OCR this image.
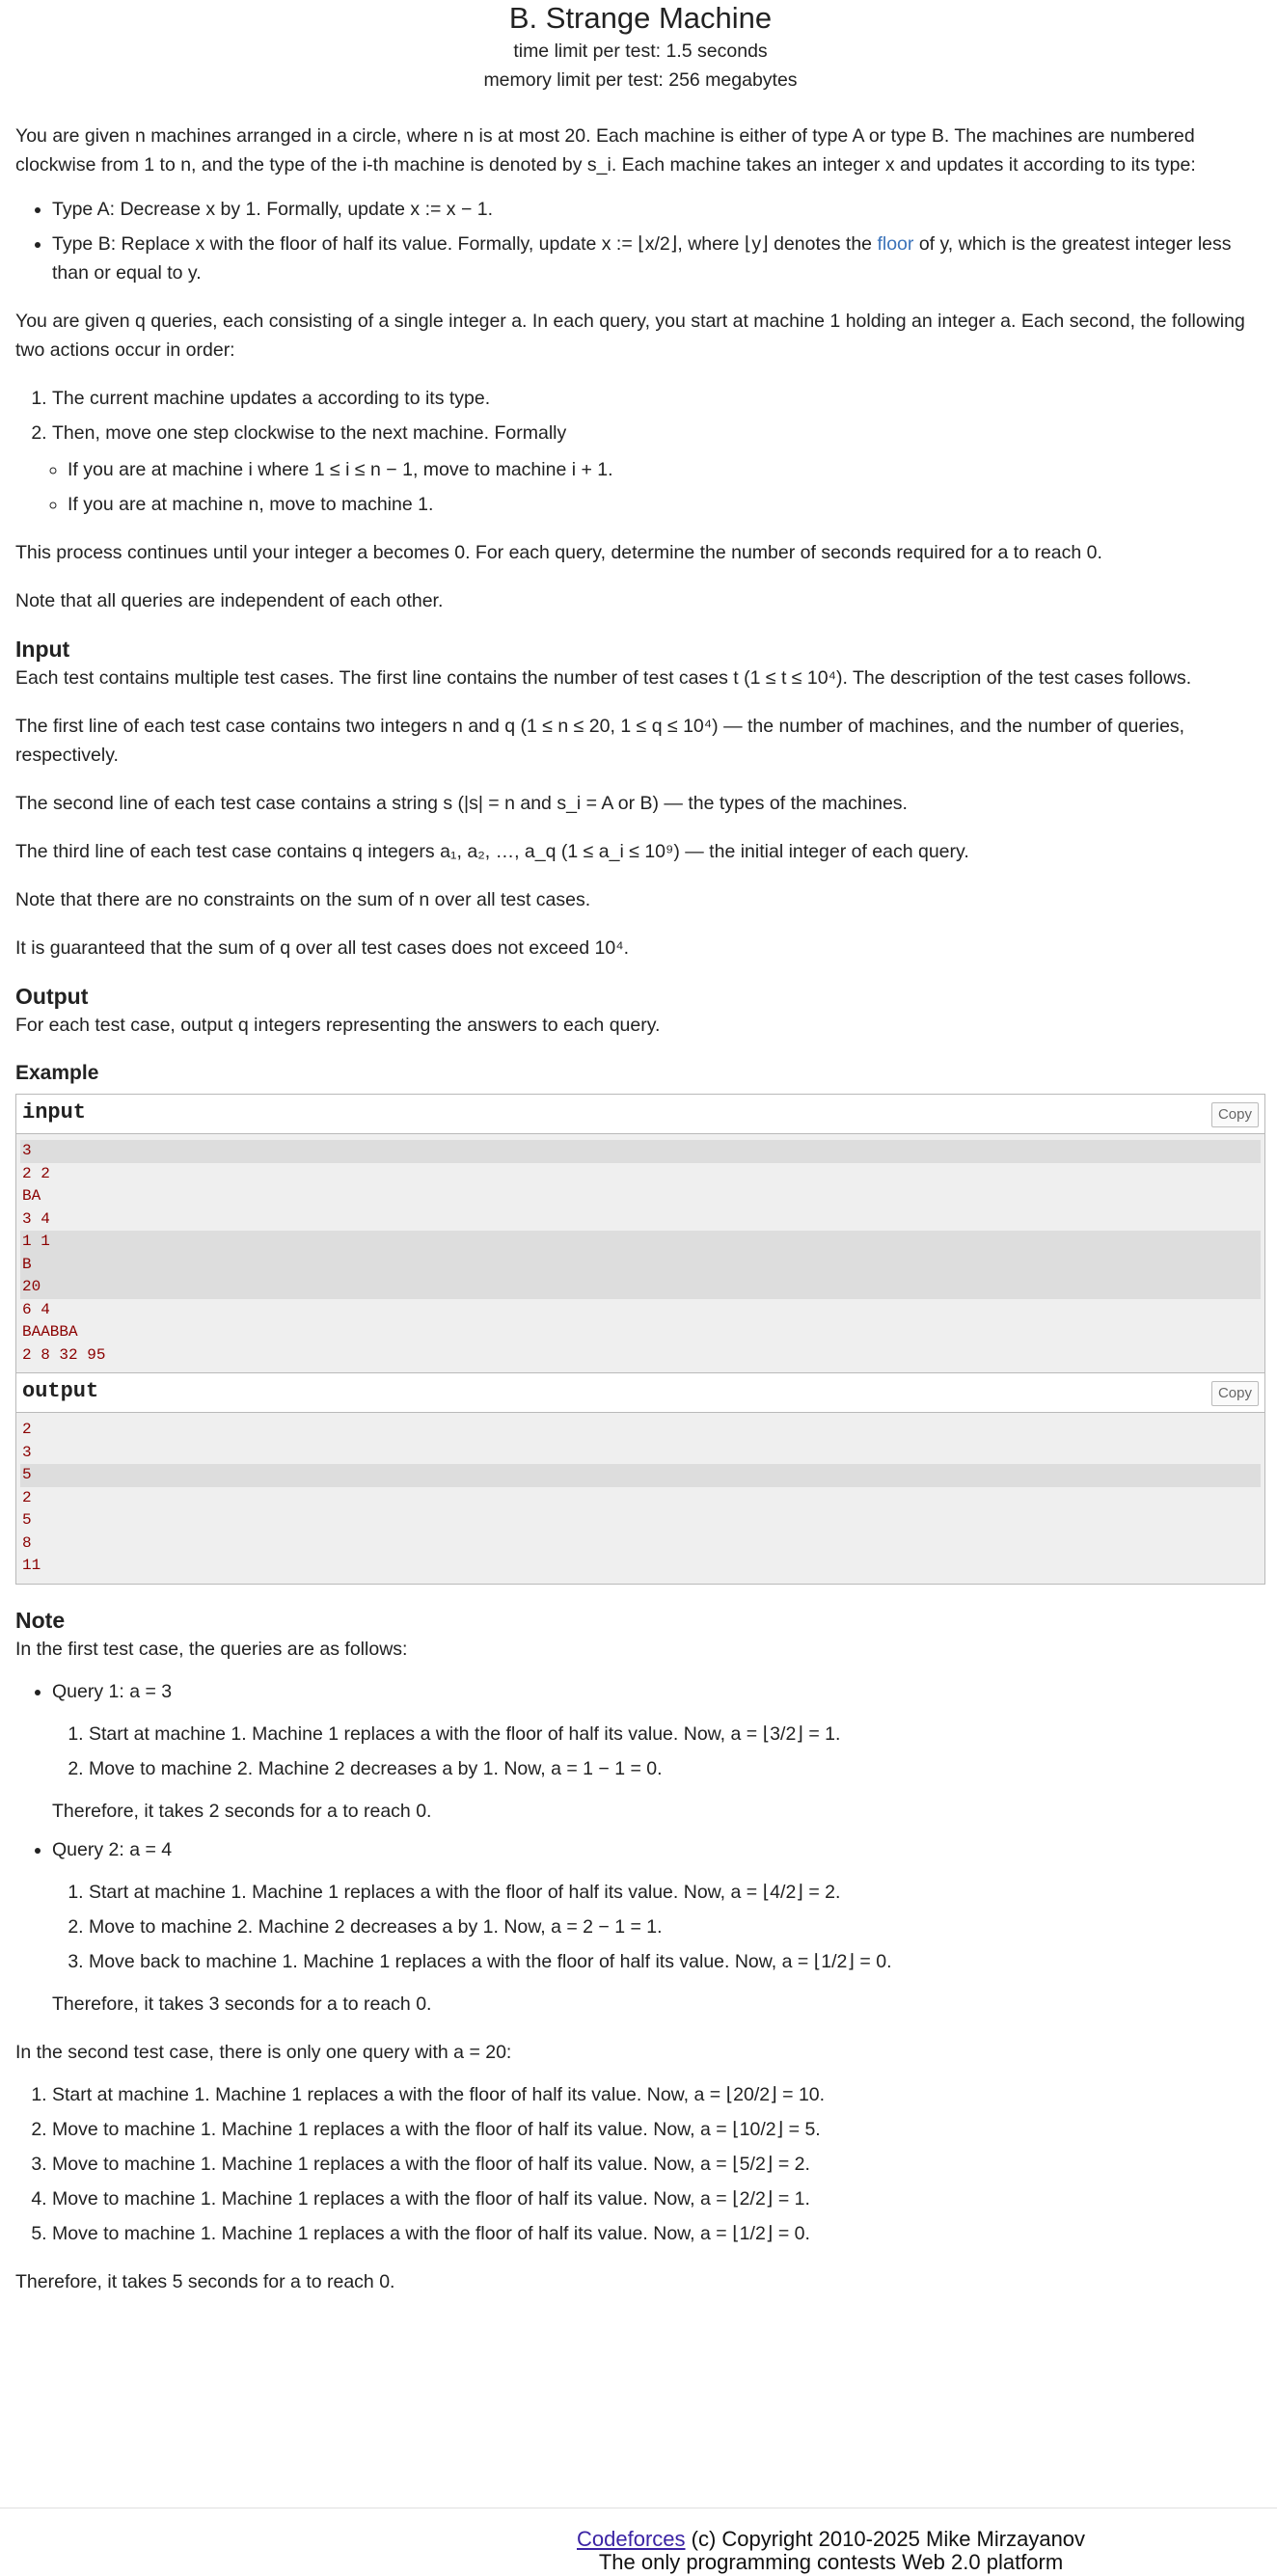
B. Strange Machine
time limit per test: 1.5 seconds
memory limit per test: 256 megabytes

You are given n machines arranged in a circle, where n is at most 20. Each machine is either of type A or type B. The machines are numbered clockwise from 1 to n, and the type of the i-th machine is denoted by s_i. Each machine takes an integer x and updates it according to its type:

• Type A: Decrease x by 1. Formally, update x := x − 1.
• Type B: Replace x with the floor of half its value. Formally, update x := ⌊x/2⌋, where ⌊y⌋ denotes the floor of y, which is the greatest integer less than or equal to y.

You are given q queries, each consisting of a single integer a. In each query, you start at machine 1 holding an integer a. Each second, the following two actions occur in order:

1. The current machine updates a according to its type.
2. Then, move one step clockwise to the next machine. Formally
◦ If you are at machine i where 1 ≤ i ≤ n − 1, move to machine i + 1.
◦ If you are at machine n, move to machine 1.

This process continues until your integer a becomes 0. For each query, determine the number of seconds required for a to reach 0.

Note that all queries are independent of each other.

Input

Each test contains multiple test cases. The first line contains the number of test cases t (1 ≤ t ≤ 10⁴). The description of the test cases follows.

The first line of each test case contains two integers n and q (1 ≤ n ≤ 20, 1 ≤ q ≤ 10⁴) — the number of machines, and the number of queries, respectively.

The second line of each test case contains a string s (|s| = n and s_i = A or B) — the types of the machines.

The third line of each test case contains q integers a₁, a₂, …, a_q (1 ≤ a_i ≤ 10⁹) — the initial integer of each query.

Note that there are no constraints on the sum of n over all test cases.

It is guaranteed that the sum of q over all test cases does not exceed 10⁴.

Output

For each test case, output q integers representing the answers to each query.

Example
input	Copy
3
2 2
BA
3 4
1 1
B
20
6 4
BAABBA
2 8 32 95
output	Copy
2
3
5
2
5
8
11
Note

In the first test case, the queries are as follows:

• Query 1: a = 3
1. Start at machine 1. Machine 1 replaces a with the floor of half its value. Now, a = ⌊3/2⌋ = 1.
2. Move to machine 2. Machine 2 decreases a by 1. Now, a = 1 − 1 = 0.
Therefore, it takes 2 seconds for a to reach 0.
• Query 2: a = 4
1. Start at machine 1. Machine 1 replaces a with the floor of half its value. Now, a = ⌊4/2⌋ = 2.
2. Move to machine 2. Machine 2 decreases a by 1. Now, a = 2 − 1 = 1.
3. Move back to machine 1. Machine 1 replaces a with the floor of half its value. Now, a = ⌊1/2⌋ = 0.
Therefore, it takes 3 seconds for a to reach 0.

In the second test case, there is only one query with a = 20:

1. Start at machine 1. Machine 1 replaces a with the floor of half its value. Now, a = ⌊20/2⌋ = 10.
2. Move to machine 1. Machine 1 replaces a with the floor of half its value. Now, a = ⌊10/2⌋ = 5.
3. Move to machine 1. Machine 1 replaces a with the floor of half its value. Now, a = ⌊5/2⌋ = 2.
4. Move to machine 1. Machine 1 replaces a with the floor of half its value. Now, a = ⌊2/2⌋ = 1.
5. Move to machine 1. Machine 1 replaces a with the floor of half its value. Now, a = ⌊1/2⌋ = 0.

Therefore, it takes 5 seconds for a to reach 0.

Codeforces (c) Copyright 2010-2025 Mike Mirzayanov
The only programming contests Web 2.0 platform
